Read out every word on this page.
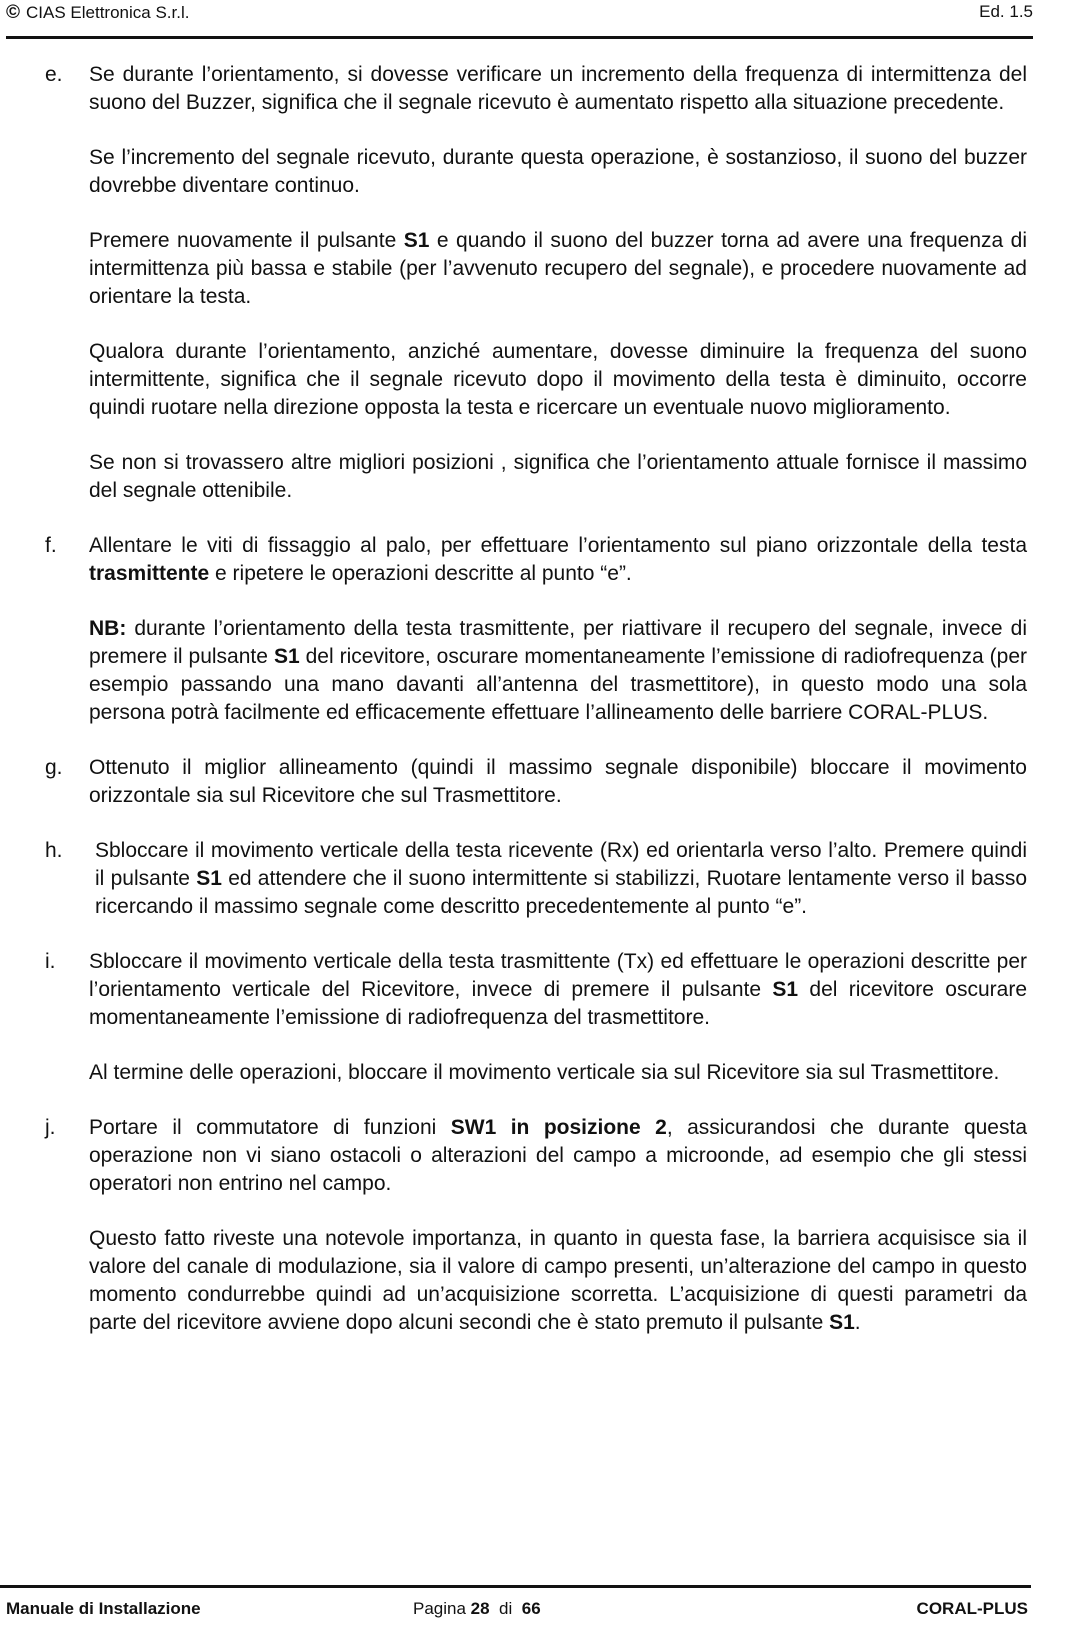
© CIAS Elettronica S.r.l.	Ed. 1.5
e.	Se durante l’orientamento, si dovesse verificare un incremento della frequenza di intermittenza del suono del Buzzer, significa che il segnale ricevuto è aumentato rispetto alla situazione precedente.

Se l’incremento del segnale ricevuto, durante questa operazione, è sostanzioso, il suono del buzzer dovrebbe diventare continuo.

Premere nuovamente il pulsante S1 e quando il suono del buzzer torna ad avere una frequenza di intermittenza più bassa e stabile (per l’avvenuto recupero del segnale), e procedere nuovamente ad orientare la testa.

Qualora durante l’orientamento, anziché aumentare, dovesse diminuire la frequenza del suono intermittente, significa che il segnale ricevuto dopo il movimento della testa è diminuito, occorre quindi ruotare nella direzione opposta la testa e ricercare un eventuale nuovo miglioramento.

Se non si trovassero altre migliori posizioni , significa che l’orientamento attuale fornisce il massimo del segnale ottenibile.

f.	Allentare le viti di fissaggio al palo, per effettuare l’orientamento sul piano orizzontale della testa trasmittente e ripetere le operazioni descritte al punto “e”.

NB: durante l’orientamento della testa trasmittente, per riattivare il recupero del segnale, invece di premere il pulsante S1 del ricevitore, oscurare momentaneamente l’emissione di radiofrequenza (per esempio passando una mano davanti all’antenna del trasmettitore), in questo modo una sola persona potrà facilmente ed efficacemente effettuare l’allineamento delle barriere CORAL-PLUS.

g.	Ottenuto il miglior allineamento (quindi il massimo segnale disponibile) bloccare il movimento orizzontale sia sul Ricevitore che sul Trasmettitore.

h.	Sbloccare il movimento verticale della testa ricevente (Rx) ed orientarla verso l’alto. Premere quindi il pulsante S1 ed attendere che il suono intermittente si stabilizzi, Ruotare lentamente verso il basso ricercando il massimo segnale come descritto precedentemente al punto “e”.

i.	Sbloccare il movimento verticale della testa trasmittente (Tx) ed effettuare le operazioni descritte per l’orientamento verticale del Ricevitore, invece di premere il pulsante S1 del ricevitore oscurare momentaneamente l’emissione di radiofrequenza del trasmettitore.

Al termine delle operazioni, bloccare il movimento verticale sia sul Ricevitore sia sul Trasmettitore.

j.	Portare il commutatore di funzioni SW1 in posizione 2, assicurandosi che durante questa operazione non vi siano ostacoli o alterazioni del campo a microonde, ad esempio che gli stessi operatori non entrino nel campo.

Questo fatto riveste una notevole importanza, in quanto in questa fase, la barriera acquisisce sia il valore del canale di modulazione, sia il valore di campo presenti, un’alterazione del campo in questo momento condurrebbe quindi ad un’acquisizione scorretta. L’acquisizione di questi parametri da parte del ricevitore avviene dopo alcuni secondi che è stato premuto il pulsante S1.

Manuale di Installazione	Pagina 28 di 66	CORAL-PLUS
